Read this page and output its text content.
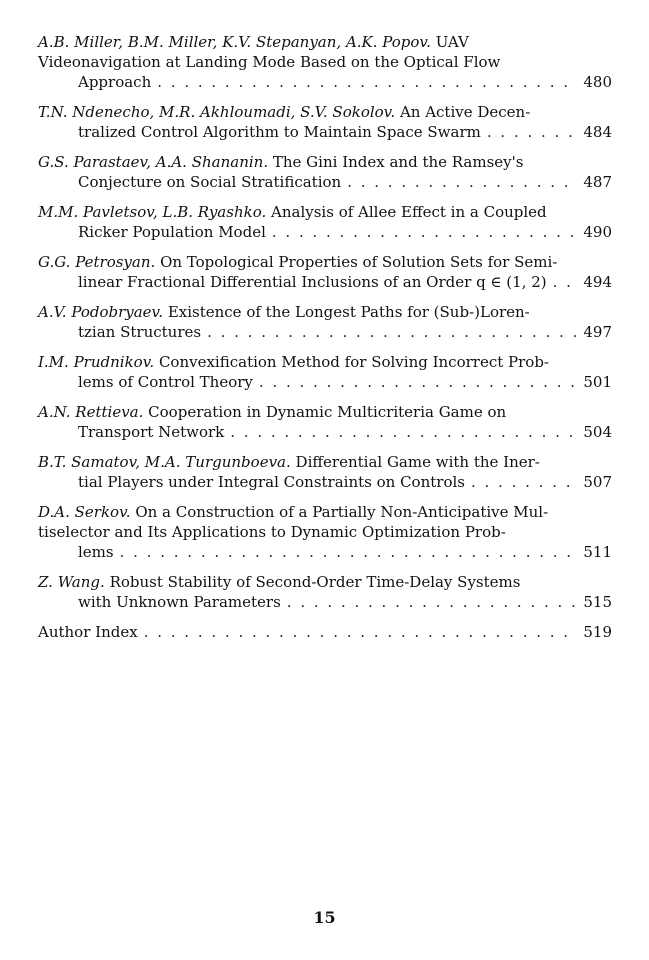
A.B. Miller, B.M. Miller, K.V. Stepanyan, A.K. Popov. UAV
Videonavigation at Landing Mode Based on the Optical Flow
Approach . . .	480
T.N. Ndenecho, M.R. Akhloumadi, S.V. Sokolov. An Active Decen-
tralized Control Algorithm to Maintain Space Swarm . . .	484
G.S. Parastaev, A.A. Shananin. The Gini Index and the Ramsey's
Conjecture on Social Stratification . . .	487
M.M. Pavletsov, L.B. Ryashko. Analysis of Allee Effect in a Coupled
Ricker Population Model . . .	490
G.G. Petrosyan. On Topological Properties of Solution Sets for Semi-
linear Fractional Differential Inclusions of an Order q ∈ (1, 2) . . . 494
A.V. Podobryaev. Existence of the Longest Paths for (Sub-)Loren-
tzian Structures . . .	497
I.M. Prudnikov. Convexification Method for Solving Incorrect Prob-
lems of Control Theory . . .	501
A.N. Rettieva. Cooperation in Dynamic Multicriteria Game on
Transport Network . . .	504
B.T. Samatov, M.A. Turgunboeva. Differential Game with the Iner-
tial Players under Integral Constraints on Controls . . .	507
D.A. Serkov. On a Construction of a Partially Non-Anticipative Mul-
tiselector and Its Applications to Dynamic Optimization Prob-
lems . . .	511
Z. Wang. Robust Stability of Second-Order Time-Delay Systems
with Unknown Parameters . . .	515
Author Index . . .	519
15
